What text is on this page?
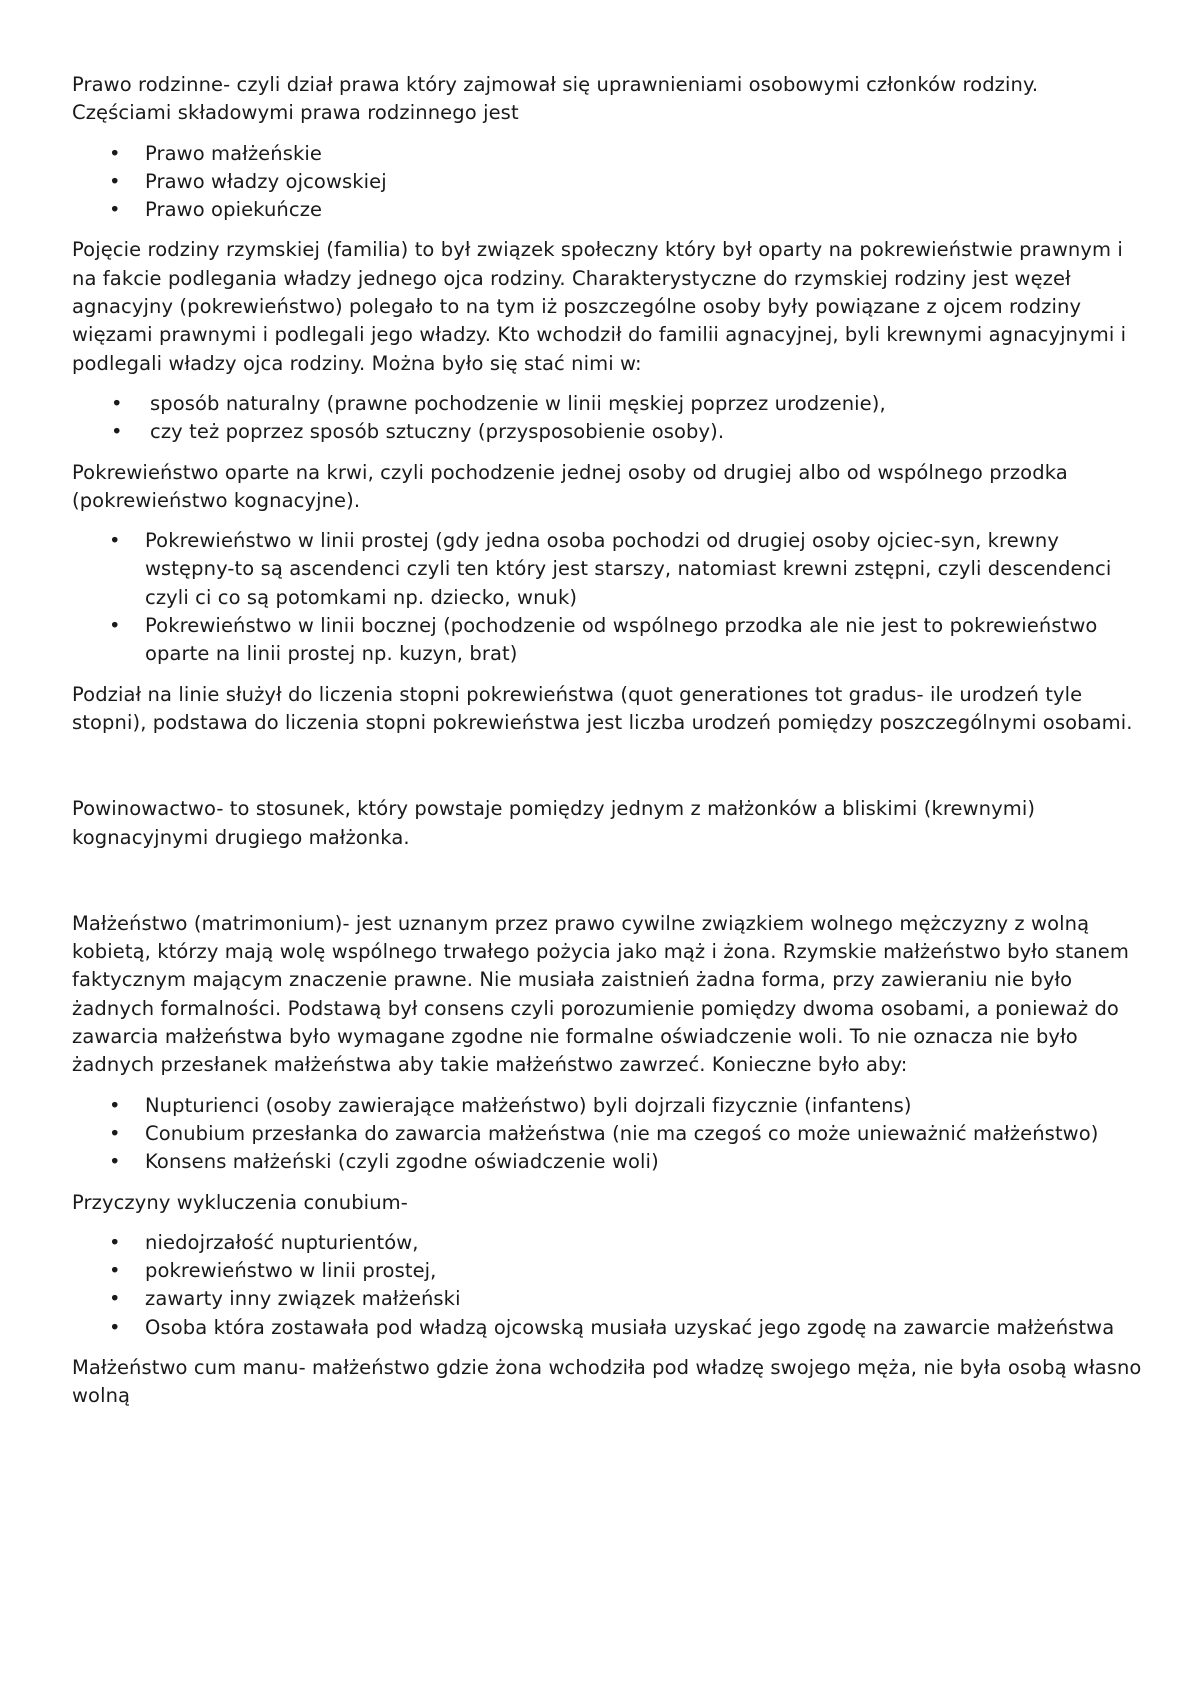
Prawo rodzinne- czyli dział prawa który zajmował się uprawnieniami osobowymi członków rodziny. Częściami składowymi prawa rodzinnego jest

• Prawo małżeńskie
• Prawo władzy ojcowskiej
• Prawo opiekuńcze

Pojęcie rodziny rzymskiej (familia) to był związek społeczny który był oparty na pokrewieństwie prawnym i na fakcie podlegania władzy jednego ojca rodziny. Charakterystyczne do rzymskiej rodziny jest węzeł agnacyjny (pokrewieństwo) polegało to na tym iż poszczególne osoby były powiązane z ojcem rodziny więzami prawnymi i podlegali jego władzy. Kto wchodził do familii agnacyjnej, byli krewnymi agnacyjnymi i podlegali władzy ojca rodziny. Można było się stać nimi w:

• sposób naturalny (prawne pochodzenie w linii męskiej poprzez urodzenie),
• czy też poprzez sposób sztuczny (przysposobienie osoby).

Pokrewieństwo oparte na krwi, czyli pochodzenie jednej osoby od drugiej albo od wspólnego przodka (pokrewieństwo kognacyjne).

• Pokrewieństwo w linii prostej (gdy jedna osoba pochodzi od drugiej osoby ojciec-syn, krewny wstępny-to są ascendenci czyli ten który jest starszy, natomiast krewni zstępni, czyli descendenci czyli ci co są potomkami np. dziecko, wnuk)
• Pokrewieństwo w linii bocznej (pochodzenie od wspólnego przodka ale nie jest to pokrewieństwo oparte na linii prostej np. kuzyn, brat)

Podział na linie służył do liczenia stopni pokrewieństwa (quot generationes tot gradus- ile urodzeń tyle stopni), podstawa do liczenia stopni pokrewieństwa jest liczba urodzeń pomiędzy poszczególnymi osobami.

Powinowactwo- to stosunek, który powstaje pomiędzy jednym z małżonków a bliskimi (krewnymi) kognacyjnymi drugiego małżonka.

Małżeństwo (matrimonium)- jest uznanym przez prawo cywilne związkiem wolnego mężczyzny z wolną kobietą, którzy mają wolę wspólnego trwałego pożycia jako mąż i żona. Rzymskie małżeństwo było stanem faktycznym mającym znaczenie prawne. Nie musiała zaistnień żadna forma, przy zawieraniu nie było żadnych formalności. Podstawą był consens czyli porozumienie pomiędzy dwoma osobami, a ponieważ do zawarcia małżeństwa było wymagane zgodne nie formalne oświadczenie woli. To nie oznacza nie było żadnych przesłanek małżeństwa aby takie małżeństwo zawrzeć. Konieczne było aby:

• Nupturienci (osoby zawierające małżeństwo) byli dojrzali fizycznie (infantens)
• Conubium przesłanka do zawarcia małżeństwa (nie ma czegoś co może unieważnić małżeństwo)
• Konsens małżeński (czyli zgodne oświadczenie woli)

Przyczyny wykluczenia conubium-

• niedojrzałość nupturientów,
• pokrewieństwo w linii prostej,
• zawarty inny związek małżeński
• Osoba która zostawała pod władzą ojcowską musiała uzyskać jego zgodę na zawarcie małżeństwa

Małżeństwo cum manu- małżeństwo gdzie żona wchodziła pod władzę swojego męża, nie była osobą własno wolną
